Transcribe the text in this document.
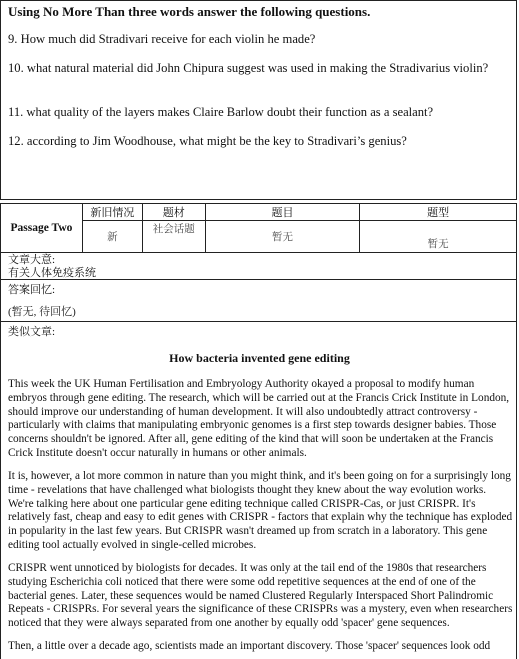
Using No More Than three words answer the following questions.
9. How much did Stradivari receive for each violin he made?
10. what natural material did John Chipura suggest was used in making the Stradivarius violin?
11. what quality of the layers makes Claire Barlow doubt their function as a sealant?
12. according to Jim Woodhouse, what might be the key to Stradivari’s genius?
Passage Two	新旧情况	题材	题目	题型
	新	社会话题	暂无	暂无
文章大意:
有关人体免疫系统
答案回忆:
(暂无, 待回忆)
类似文章:
How bacteria invented gene editing

This week the UK Human Fertilisation and Embryology Authority okayed a proposal to modify human embryos through gene editing. The research, which will be carried out at the Francis Crick Institute in London, should improve our understanding of human development. It will also undoubtedly attract controversy - particularly with claims that manipulating embryonic genomes is a first step towards designer babies. Those concerns shouldn't be ignored. After all, gene editing of the kind that will soon be undertaken at the Francis Crick Institute doesn't occur naturally in humans or other animals.

It is, however, a lot more common in nature than you might think, and it's been going on for a surprisingly long time - revelations that have challenged what biologists thought they knew about the way evolution works. We're talking here about one particular gene editing technique called CRISPR-Cas, or just CRISPR. It's relatively fast, cheap and easy to edit genes with CRISPR - factors that explain why the technique has exploded in popularity in the last few years. But CRISPR wasn't dreamed up from scratch in a laboratory. This gene editing tool actually evolved in single-celled microbes.

CRISPR went unnoticed by biologists for decades. It was only at the tail end of the 1980s that researchers studying Escherichia coli noticed that there were some odd repetitive sequences at the end of one of the bacterial genes. Later, these sequences would be named Clustered Regularly Interspaced Short Palindromic Repeats - CRISPRs. For several years the significance of these CRISPRs was a mystery, even when researchers noticed that they were always separated from one another by equally odd 'spacer' gene sequences.

Then, a little over a decade ago, scientists made an important discovery. Those 'spacer' sequences look odd
